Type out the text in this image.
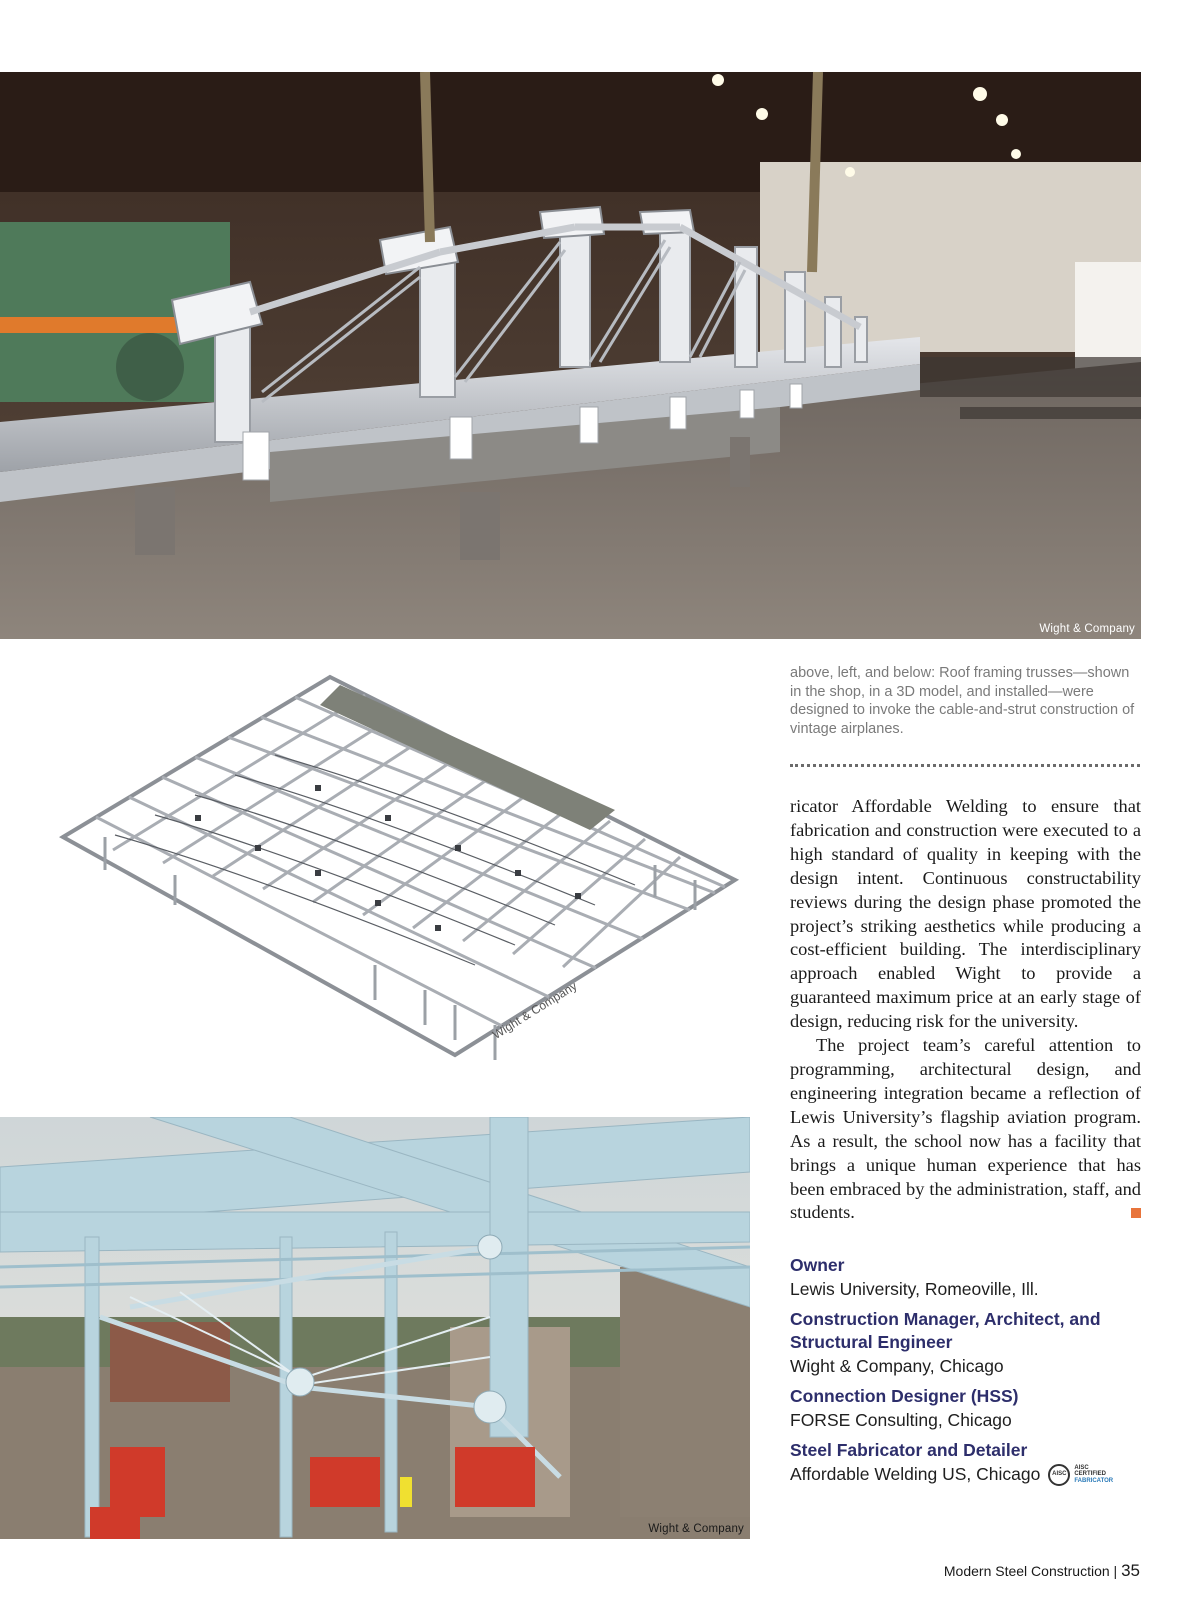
Wight & Company
Wight & Company
Wight & Company
above, left, and below: Roof framing trusses—shown in the shop, in a 3D model, and installed—were designed to invoke the cable-and-strut construction of vintage airplanes.

ricator Affordable Welding to ensure that fabrication and construction were executed to a high standard of quality in keeping with the design intent. Continuous constructability reviews during the design phase promoted the project’s striking aesthetics while producing a cost-efficient building. The interdisciplinary approach enabled Wight to provide a guaranteed maximum price at an early stage of design, reducing risk for the university.

The project team’s careful attention to programming, architectural design, and engineering integration became a reflection of Lewis University’s flagship aviation program. As a result, the school now has a facility that brings a unique human experience that has been embraced by the administration, staff, and students.

Owner
Lewis University, Romeoville, Ill.
Construction Manager, Architect, and Structural Engineer
Wight & Company, Chicago
Connection Designer (HSS)
FORSE Consulting, Chicago
Steel Fabricator and Detailer
Affordable Welding US, Chicago	AISC
AISC
CERTIFIED
FABRICATOR
Modern Steel Construction | 35
